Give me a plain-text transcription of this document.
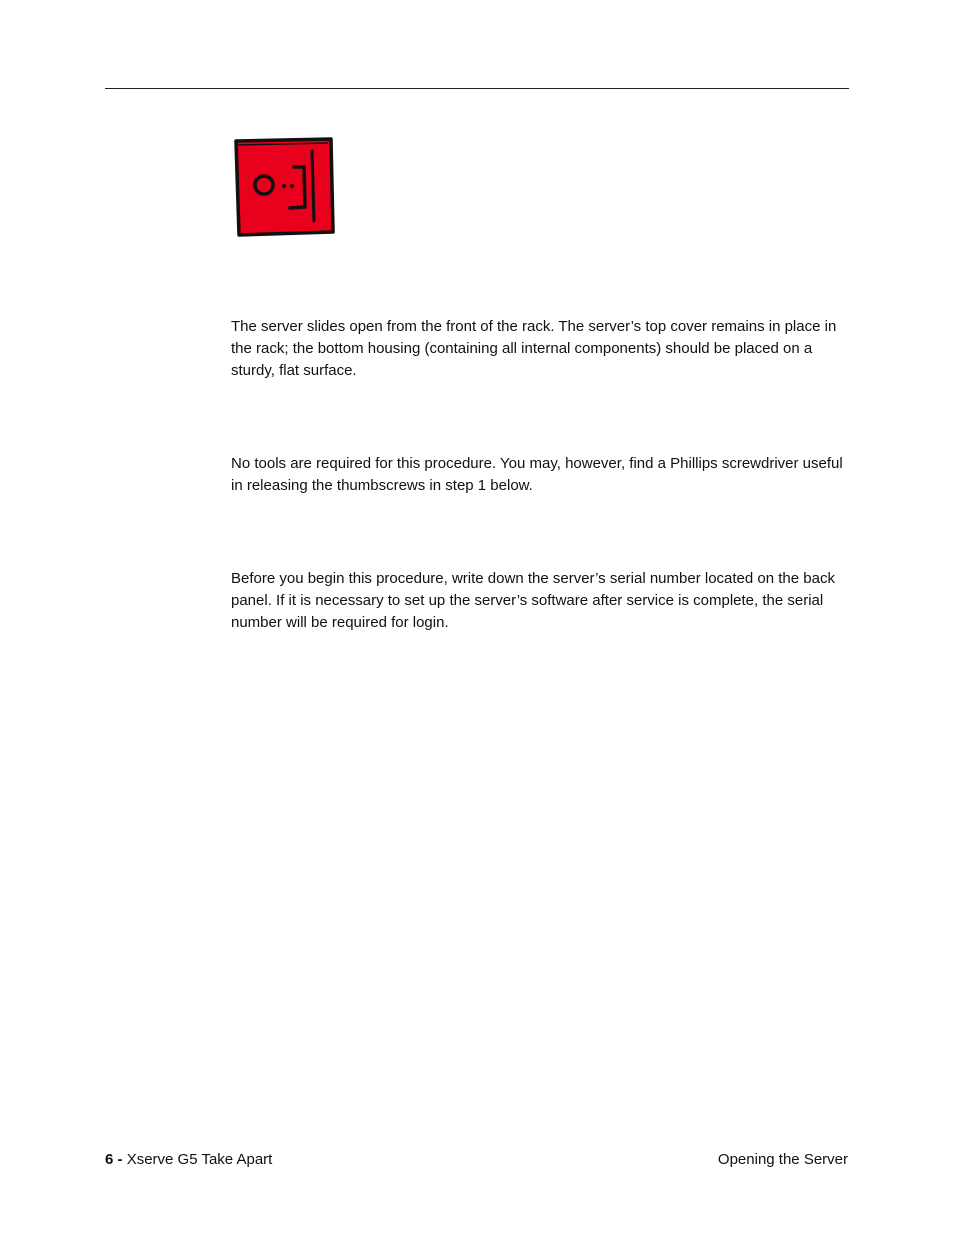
The server slides open from the front of the rack. The server’s top cover remains in place in the rack; the bottom housing (containing all internal components) should be placed on a sturdy, flat surface.

No tools are required for this procedure. You may, however, find a Phillips screwdriver useful in releasing the thumbscrews in step 1 below.

Before you begin this procedure, write down the server’s serial number located on the back panel. If it is necessary to set up the server’s software after service is complete, the serial number will be required for login.

6 - Xserve G5 Take Apart	Opening the Server
